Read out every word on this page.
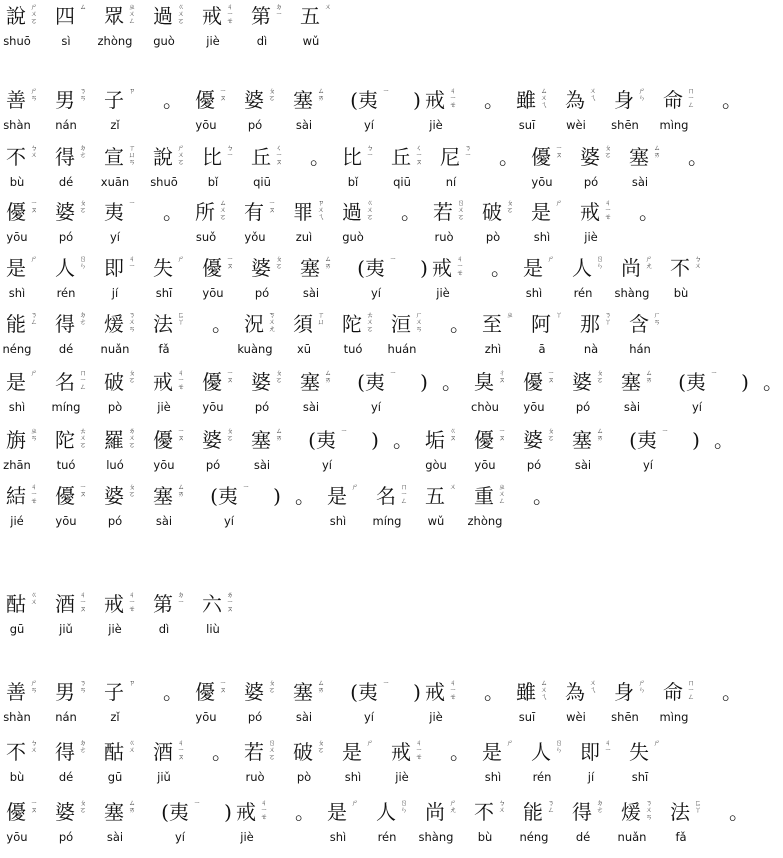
說 ㄕㄨㄛ
shuō
四 ㄙ
sì
眾 ㄓㄨㄥ
zhòng
過 ㄍㄨㄛ
guò
戒 ㄐㄧㄝ
jiè
第 ㄉㄧ
dì
五 ㄨ
wǔ
善 ㄕㄢ
shàn
男 ㄋㄢ
nán
子 ㄗ
zǐ
。 優 ㄧㄡ
yōu
婆 ㄆㄛ
pó
塞 ㄙㄞ
sài
( 夷 ㄧ
yí
) 戒 ㄐㄧㄝ
jiè
。 雖 ㄙㄨㄟ
suī
為 ㄨㄟ
wèi
身 ㄕㄣ
shēn
命 ㄇㄧㄥ
mìng
。
不 ㄅㄨ
bù
得 ㄉㄜ
dé
宣 ㄒㄩㄢ
xuān
說 ㄕㄨㄛ
shuō
比 ㄅㄧ
bǐ
丘 ㄑㄧㄡ
qiū
。 比 ㄅㄧ
bǐ
丘 ㄑㄧㄡ
qiū
尼 ㄋㄧ
ní
。 優 ㄧㄡ
yōu
婆 ㄆㄛ
pó
塞 ㄙㄞ
sài
。
優 ㄧㄡ
yōu
婆 ㄆㄛ
pó
夷 ㄧ
yí
。 所 ㄙㄨㄛ
suǒ
有 ㄧㄡ
yǒu
罪 ㄗㄨㄟ
zuì
過 ㄍㄨㄛ
guò
。 若 ㄖㄨㄛ
ruò
破 ㄆㄛ
pò
是 ㄕ
shì
戒 ㄐㄧㄝ
jiè
。
是 ㄕ
shì
人 ㄖㄣ
rén
即 ㄐㄧ
jí
失 ㄕ
shī
優 ㄧㄡ
yōu
婆 ㄆㄛ
pó
塞 ㄙㄞ
sài
( 夷 ㄧ
yí
) 戒 ㄐㄧㄝ
jiè
。 是 ㄕ
shì
人 ㄖㄣ
rén
尚 ㄕㄤ
shàng
不 ㄅㄨ
bù
能 ㄋㄥ
néng
得 ㄉㄜ
dé
煖 ㄋㄨㄢ
nuǎn
法 ㄈㄚ
fǎ
。 況 ㄎㄨㄤ
kuàng
須 ㄒㄩ
xū
陀 ㄊㄨㄛ
tuó
洹 ㄏㄨㄢ
huán
。 至 ㄓ
zhì
阿 ㄚ
ā
那 ㄋㄚ
nà
含 ㄏㄢ
hán
是 ㄕ
shì
名 ㄇㄧㄥ
míng
破 ㄆㄛ
pò
戒 ㄐㄧㄝ
jiè
優 ㄧㄡ
yōu
婆 ㄆㄛ
pó
塞 ㄙㄞ
sài
( 夷 ㄧ
yí
) 。 臭 ㄔㄡ
chòu
優 ㄧㄡ
yōu
婆 ㄆㄛ
pó
塞 ㄙㄞ
sài
( 夷 ㄧ
yí
) 。
旃 ㄓㄢ
zhān
陀 ㄊㄨㄛ
tuó
羅 ㄌㄨㄛ
luó
優 ㄧㄡ
yōu
婆 ㄆㄛ
pó
塞 ㄙㄞ
sài
( 夷 ㄧ
yí
) 。 垢 ㄍㄡ
gòu
優 ㄧㄡ
yōu
婆 ㄆㄛ
pó
塞 ㄙㄞ
sài
( 夷 ㄧ
yí
) 。
結 ㄐㄧㄝ
jié
優 ㄧㄡ
yōu
婆 ㄆㄛ
pó
塞 ㄙㄞ
sài
( 夷 ㄧ
yí
) 。 是 ㄕ
shì
名 ㄇㄧㄥ
míng
五 ㄨ
wǔ
重 ㄓㄨㄥ
zhòng
。
酤 ㄍㄨ
gū
酒 ㄐㄧㄡ
jiǔ
戒 ㄐㄧㄝ
jiè
第 ㄉㄧ
dì
六 ㄌㄧㄡ
liù
善 ㄕㄢ
shàn
男 ㄋㄢ
nán
子 ㄗ
zǐ
。 優 ㄧㄡ
yōu
婆 ㄆㄛ
pó
塞 ㄙㄞ
sài
( 夷 ㄧ
yí
) 戒 ㄐㄧㄝ
jiè
。 雖 ㄙㄨㄟ
suī
為 ㄨㄟ
wèi
身 ㄕㄣ
shēn
命 ㄇㄧㄥ
mìng
。
不 ㄅㄨ
bù
得 ㄉㄜ
dé
酤 ㄍㄨ
gū
酒 ㄐㄧㄡ
jiǔ
。 若 ㄖㄨㄛ
ruò
破 ㄆㄛ
pò
是 ㄕ
shì
戒 ㄐㄧㄝ
jiè
。 是 ㄕ
shì
人 ㄖㄣ
rén
即 ㄐㄧ
jí
失 ㄕ
shī
優 ㄧㄡ
yōu
婆 ㄆㄛ
pó
塞 ㄙㄞ
sài
( 夷 ㄧ
yí
) 戒 ㄐㄧㄝ
jiè
。 是 ㄕ
shì
人 ㄖㄣ
rén
尚 ㄕㄤ
shàng
不 ㄅㄨ
bù
能 ㄋㄥ
néng
得 ㄉㄜ
dé
煖 ㄋㄨㄢ
nuǎn
法 ㄈㄚ
fǎ
。
